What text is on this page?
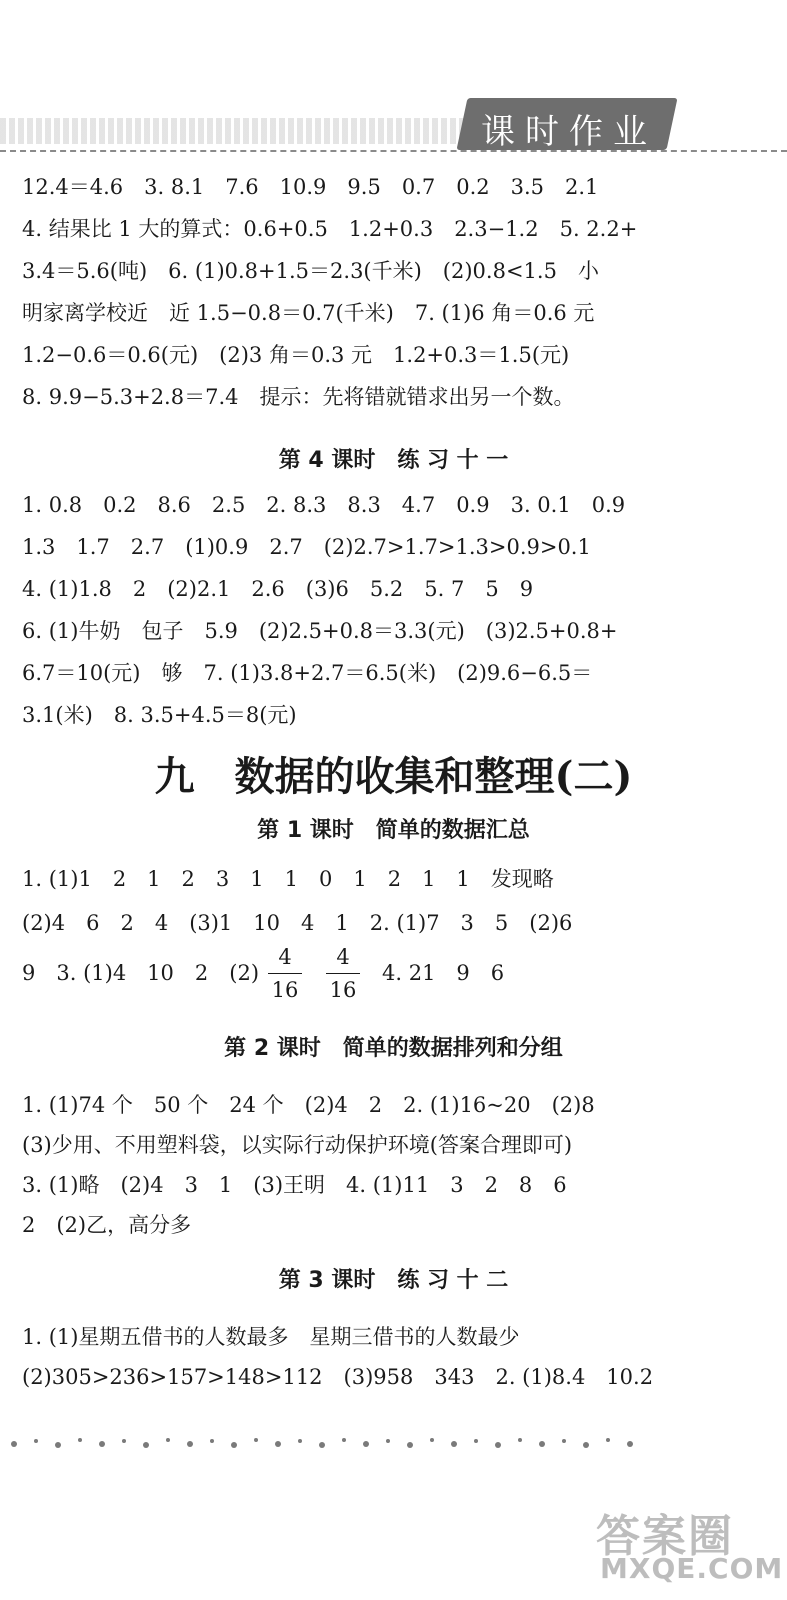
课时作业
12.4＝4.6　3. 8.1　7.6　10.9　9.5　0.7　0.2　3.5　2.1
4. 结果比 1 大的算式：0.6+0.5　1.2+0.3　2.3−1.2　5. 2.2+
3.4＝5.6(吨)　6. (1)0.8+1.5＝2.3(千米)　(2)0.8<1.5　小
明家离学校近　近 1.5−0.8＝0.7(千米)　7. (1)6 角＝0.6 元
1.2−0.6＝0.6(元)　(2)3 角＝0.3 元　1.2+0.3＝1.5(元)
8. 9.9−5.3+2.8＝7.4　提示：先将错就错求出另一个数。
第 4 课时　练 习 十 一
1. 0.8　0.2　8.6　2.5　2. 8.3　8.3　4.7　0.9　3. 0.1　0.9
1.3　1.7　2.7　(1)0.9　2.7　(2)2.7>1.7>1.3>0.9>0.1
4. (1)1.8　2　(2)2.1　2.6　(3)6　5.2　5. 7　5　9
6. (1)牛奶　包子　5.9　(2)2.5+0.8＝3.3(元)　(3)2.5+0.8+
6.7＝10(元)　够　7. (1)3.8+2.7＝6.5(米)　(2)9.6−6.5＝
3.1(米)　8. 3.5+4.5＝8(元)
九　数据的收集和整理(二)
第 1 课时　简单的数据汇总
1. (1)1　2　1　2　3　1　1　0　1　2　1　1　发现略
(2)4　6　2　4　(3)1　10　4　1　2. (1)7　3　5　(2)6
9　3. (1)4　10　2　(2)
4
16
4
16
4. 21　9　6
第 2 课时　简单的数据排列和分组
1. (1)74 个　50 个　24 个　(2)4　2　2. (1)16~20　(2)8
(3)少用、不用塑料袋，以实际行动保护环境(答案合理即可)
3. (1)略　(2)4　3　1　(3)王明　4. (1)11　3　2　8　6
2　(2)乙，高分多
第 3 课时　练 习 十 二
1. (1)星期五借书的人数最多　星期三借书的人数最少
(2)305>236>157>148>112　(3)958　343　2. (1)8.4　10.2
答案圈
MXQE.COM
